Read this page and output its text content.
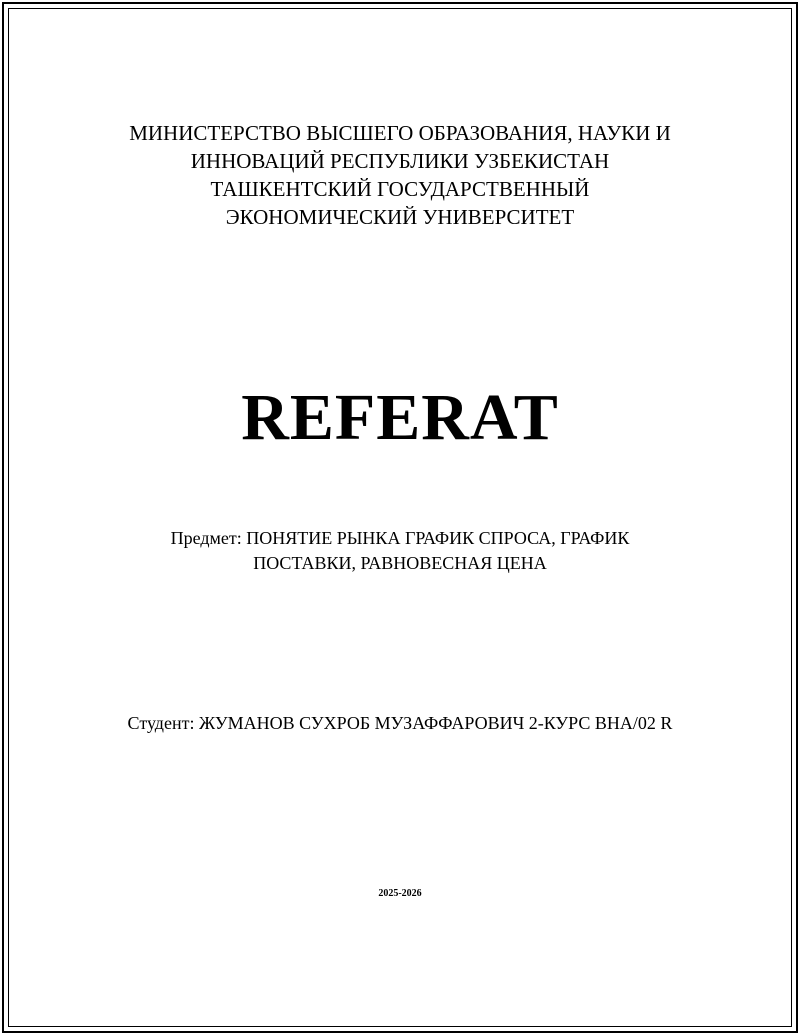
МИНИСТЕРСТВО ВЫСШЕГО ОБРАЗОВАНИЯ, НАУКИ И
ИННОВАЦИЙ РЕСПУБЛИКИ УЗБЕКИСТАН
ТАШКЕНТСКИЙ ГОСУДАРСТВЕННЫЙ
ЭКОНОМИЧЕСКИЙ УНИВЕРСИТЕТ
REFERAT
Предмет: ПОНЯТИЕ РЫНКА ГРАФИК СПРОСА, ГРАФИК
ПОСТАВКИ, РАВНОВЕСНАЯ ЦЕНА
Студент: ЖУМАНОВ СУХРОБ МУЗАФФАРОВИЧ 2-КУРС ВНА/02 R
2025-2026
